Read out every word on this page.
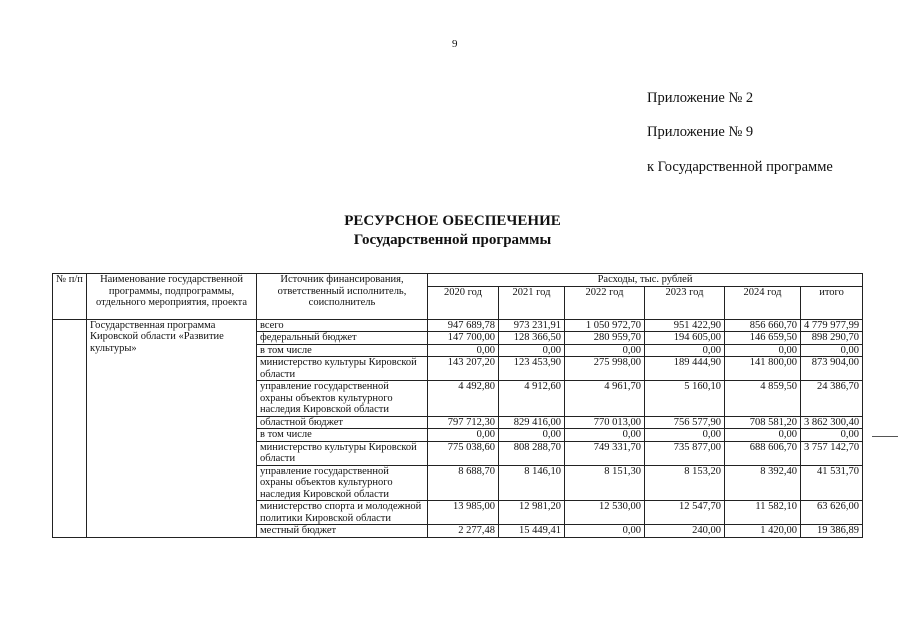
9
Приложение № 2
Приложение № 9
к Государственной программе
РЕСУРСНОЕ ОБЕСПЕЧЕНИЕ
Государственной программы
№ п/п	Наименование государственной программы, подпрограммы, отдельного мероприятия, проекта	Источник финансирования, ответственный исполнитель, соисполнитель	Расходы, тыс. рублей					
			2020 год	2021 год	2022 год	2023 год	2024 год	итого
	Государственная программа Кировской области «Развитие культуры»	всего	947 689,78	973 231,91	1 050 972,70	951 422,90	856 660,70	4 779 977,99
		федеральный бюджет	147 700,00	128 366,50	280 959,70	194 605,00	146 659,50	898 290,70
		в том числе	0,00	0,00	0,00	0,00	0,00	0,00
		министерство культуры Кировской области	143 207,20	123 453,90	275 998,00	189 444,90	141 800,00	873 904,00
		управление государственной охраны объектов культурного наследия Кировской области	4 492,80	4 912,60	4 961,70	5 160,10	4 859,50	24 386,70
		областной бюджет	797 712,30	829 416,00	770 013,00	756 577,90	708 581,20	3 862 300,40
		в том числе	0,00	0,00	0,00	0,00	0,00	0,00
		министерство культуры Кировской области	775 038,60	808 288,70	749 331,70	735 877,00	688 606,70	3 757 142,70
		управление государственной охраны объектов культурного наследия Кировской области	8 688,70	8 146,10	8 151,30	8 153,20	8 392,40	41 531,70
		министерство спорта и молодежной политики Кировской области	13 985,00	12 981,20	12 530,00	12 547,70	11 582,10	63 626,00
		местный бюджет	2 277,48	15 449,41	0,00	240,00	1 420,00	19 386,89
